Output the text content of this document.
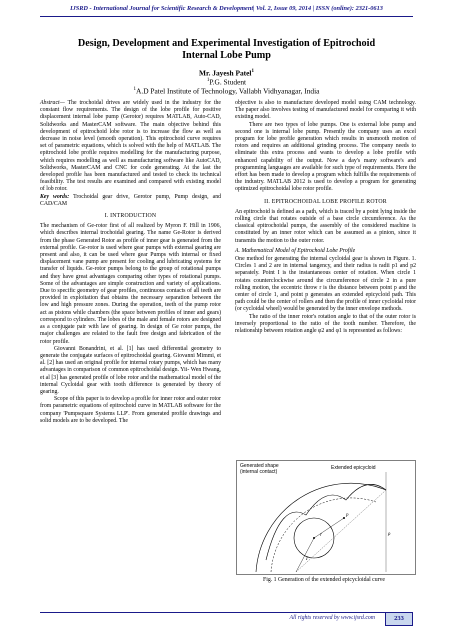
IJSRD - International Journal for Scientific Research & Development| Vol. 2, Issue 09, 2014 | ISSN (online): 2321-0613
Design, Development and Experimental Investigation of Epitrochoid
Internal Lobe Pump
Mr. Jayesh Patel$^1$
$^1$P.G. Student
$^1$A.D Patel Institute of Technology, Vallabh Vidhyanagar, India

Abstract— The trochoidal drives are widely used in the industry for the constant flow requirements. The design of the lobe profile for positive displacement internal lobe pump (Gerotor) requires MATLAB, Auto-CAD, Solidworks and MasterCAM software. The main objective behind this development of epitrochoid lobe rotor is to increase the flow as well as decrease in noise level (smooth operation). This epitrochoid curve requires set of parametric equations, which is solved with the help of MATLAB. The epitrochoid lobe profile requires modelling for the manufacturing purpose, which requires modelling as well as manufacturing software like AutoCAD, Solidworks, MasterCAM and CNC for code generating. At the last the developed profile has been manufactured and tested to check its technical feasibility. The test results are examined and compared with existing model of lob rotor.

Key words: Trochoidal gear drive, Gerotor pump, Pump design, and CAD/CAM

I. INTRODUCTION

The mechanism of Ge-rotor first of all realized by Myron F. Hill in 1906, which describes internal trochoidal gearing. The name Ge-Rotor is derived from the phase Generated Rotor as profile of inner gear is generated from the external profile. Ge-rotor is used where gear pumps with external gearing are present and also, it can be used where gear Pumps with internal or fixed displacement vane pump are present for cooling and lubricating systems for transfer of liquids. Ge-rotor pumps belong to the group of rotational pumps and they have great advantages comparing other types of rotational pumps. Some of the advantages are simple construction and variety of applications. Due to specific geometry of gear profiles, continuous contacts of all teeth are provided in exploitation that obtains the necessary separation between the low and high pressure zones. During the operation, teeth of the pump rotor act as pistons while chambers (the space between profiles of inner and gears) correspond to cylinders. The lobes of the male and female rotors are designed as a conjugate pair with law of gearing. In design of Ge rotor pumps, the major challenges are related to the fault free design and fabrication of the rotor profile.

Giovanni Bonandrini, et al. [1] has used differential geometry to generate the conjugate surfaces of epitrochoidal gearing. Giovanni Mimmi, et al. [2] has used an original profile for internal rotary pumps, which has many advantages in comparison of common epitrochoidal design. Yii- Wen Hwang, et al [3] has generated profile of lobe rotor and the mathematical model of the internal Cycloidal gear with tooth difference is generated by theory of gearing.

Scope of this paper is to develop a profile for inner rotor and outer rotor from parametric equations of epitrochoid curve in MATLAB software for the company 'Pumpsquare Systems LLP'. From generated profile drawings and solid models are to be developed. The

objective is also to manufacture developed model using CAM technology. The paper also involves testing of manufactured model for comparing it with existing model.

There are two types of lobe pumps. One is external lobe pump and second one is internal lobe pump. Presently the company uses an excel program for lobe profile generation which results in unsmooth motion of rotors and requires an additional grinding process. The company needs to eliminate this extra process and wants to develop a lobe profile with enhanced capability of the output. Now a day's many software's and programming languages are available for such type of requirements. Here the effort has been made to develop a program which fulfills the requirements of the industry. MATLAB 2012 is used to develop a program for generating optimized epitrochoidal lobe rotor profile.

II. EPITROCHOIDAL LOBE PROFILE ROTOR

An epitrochoid is defined as a path, which is traced by a point lying inside the rolling circle that rotates outside of a base circle circumference. As the classical epitrochoidal pumps, the assembly of the considered machine is constituted by an inner rotor which can be assumed as a pinion, since it transmits the motion to the outer rotor.

A. Mathematical Model of Epitrochoid Lobe Profile

One method for generating the internal cycloidal gear is shown in Figure. 1. Circles 1 and 2 are in internal tangency, and their radius is radii p1 and p2 separately. Point I is the instantaneous center of rotation. When circle 1 rotates counterclockwise around the circumference of circle 2 in a pure rolling motion, the eccentric throw r is the distance between point p and the center of circle 1, and point p generates an extended epicycloid path. This path could be the center of rollers and then the profile of inner cycloidal rotor (or cycloidal wheel) would be generated by the inner envelope methods.

The ratio of the inner rotor's rotation angle to that of the outer rotor is inversely proportional to the ratio of the tooth number. Therefore, the relationship between rotation angle φ2 and φ1 is represented as follows:

Generated shape
(internal contact)
Extended epicycloid
p
r
I
ρ
Fig. 1 Generation of the extended epicycloidal curve
All rights reserved by www.ijsrd.com	233
